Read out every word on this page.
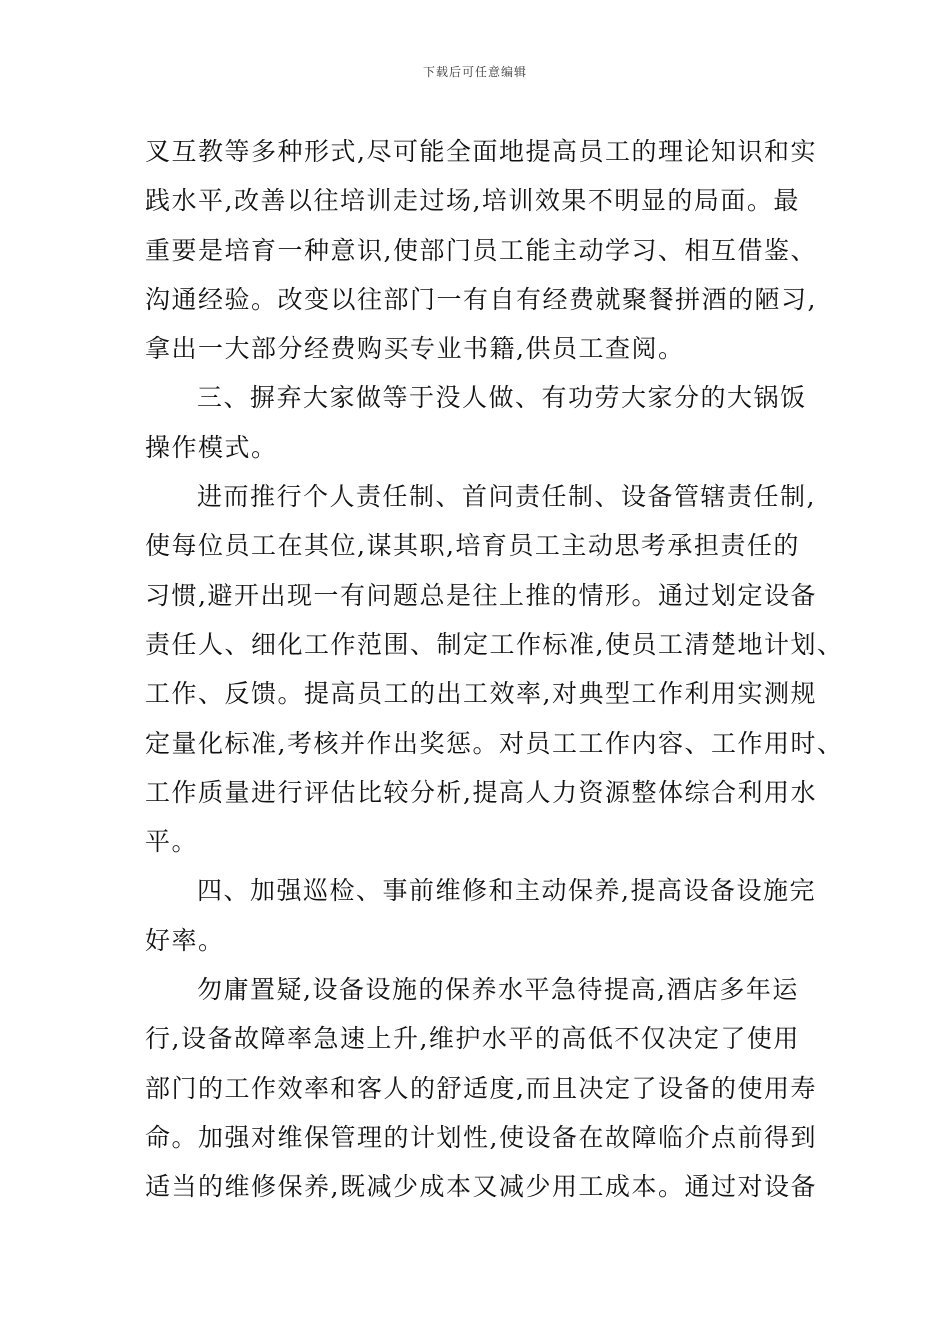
下载后可任意编辑
叉互教等多种形式,尽可能全面地提高员工的理论知识和实
践水平,改善以往培训走过场,培训效果不明显的局面。最
重要是培育一种意识,使部门员工能主动学习、相互借鉴、
沟通经验。改变以往部门一有自有经费就聚餐拼酒的陋习,
拿出一大部分经费购买专业书籍,供员工查阅。
三、摒弃大家做等于没人做、有功劳大家分的大锅饭
操作模式。
进而推行个人责任制、首问责任制、设备管辖责任制,
使每位员工在其位,谋其职,培育员工主动思考承担责任的
习惯,避开出现一有问题总是往上推的情形。通过划定设备
责任人、细化工作范围、制定工作标准,使员工清楚地计划、
工作、反馈。提高员工的出工效率,对典型工作利用实测规
定量化标准,考核并作出奖惩。对员工工作内容、工作用时、
工作质量进行评估比较分析,提高人力资源整体综合利用水
平。
四、加强巡检、事前维修和主动保养,提高设备设施完
好率。
勿庸置疑,设备设施的保养水平急待提高,酒店多年运
行,设备故障率急速上升,维护水平的高低不仅决定了使用
部门的工作效率和客人的舒适度,而且决定了设备的使用寿
命。加强对维保管理的计划性,使设备在故障临介点前得到
适当的维修保养,既减少成本又减少用工成本。通过对设备
